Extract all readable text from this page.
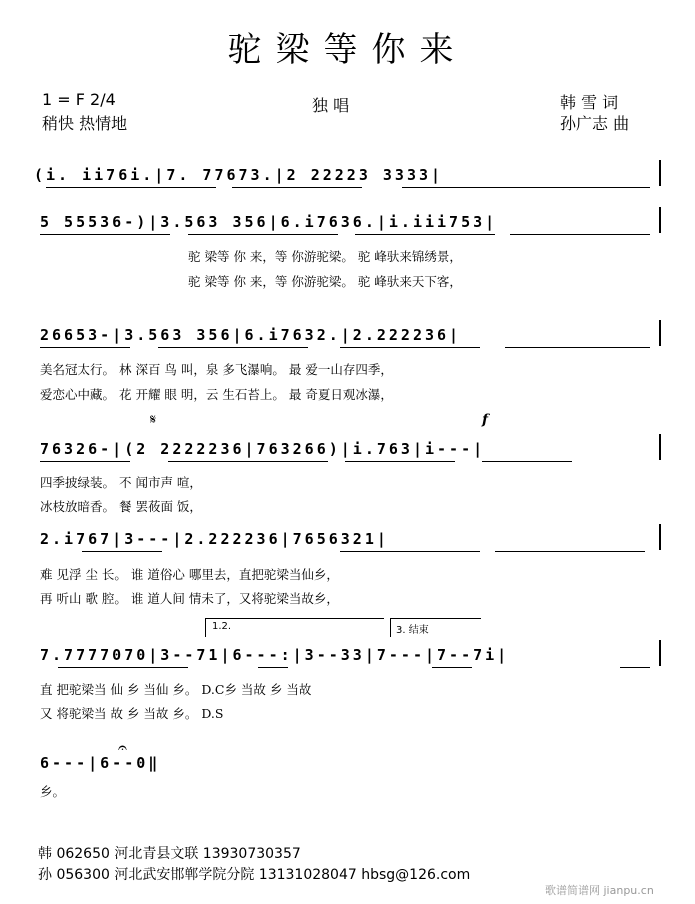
驼梁等你来
1 = F 2/4
稍快 热情地
独 唱	韩 雪 词
孙广志 曲
(i. ii76i.|7. 77673.|2 22223 3333|
5 55536-)|3.563 356|6.i7636.|i.iii753|
驼 梁等 你 来，等 你游驼梁。 驼 峰驮来锦绣景，
驼 梁等 你 来，等 你游驼梁。 驼 峰驮来天下客，
26653-|3.563 356|6.i7632.|2.222236|
美名冠太行。 林 深百 鸟 叫，泉 多飞瀑响。 最 爱一山存四季，
爱恋心中藏。 花 开耀 眼 明，云 生石苔上。 最 奇夏日观冰瀑，
𝄋	f
76326-|(2 2222236|763266)|i.763|i---|
四季披绿装。 不 闻市声 喧，
冰枝放暗香。 餐 罢莜面 饭，
2.i767|3---|2.222236|7656321|
难 见浮 尘 长。 谁 道俗心 哪里去，直把驼梁当仙乡，
再 听山 歌 腔。 谁 道人间 情未了，又将驼梁当故乡，
1.2.	3. 结束
7.7777070|3--71|6---:|3--33|7---|7--7i|
直 把驼梁当 仙 乡 当仙 乡。 D.C乡 当故 乡 当故
又 将驼梁当 故 乡 当故 乡。 D.S
𝄐
6---|6--0‖
乡。
韩 062650 河北青县文联 13930730357
孙 056300 河北武安邯郸学院分院 13131028047 hbsg@126.com
歌谱简谱网 jianpu.cn
